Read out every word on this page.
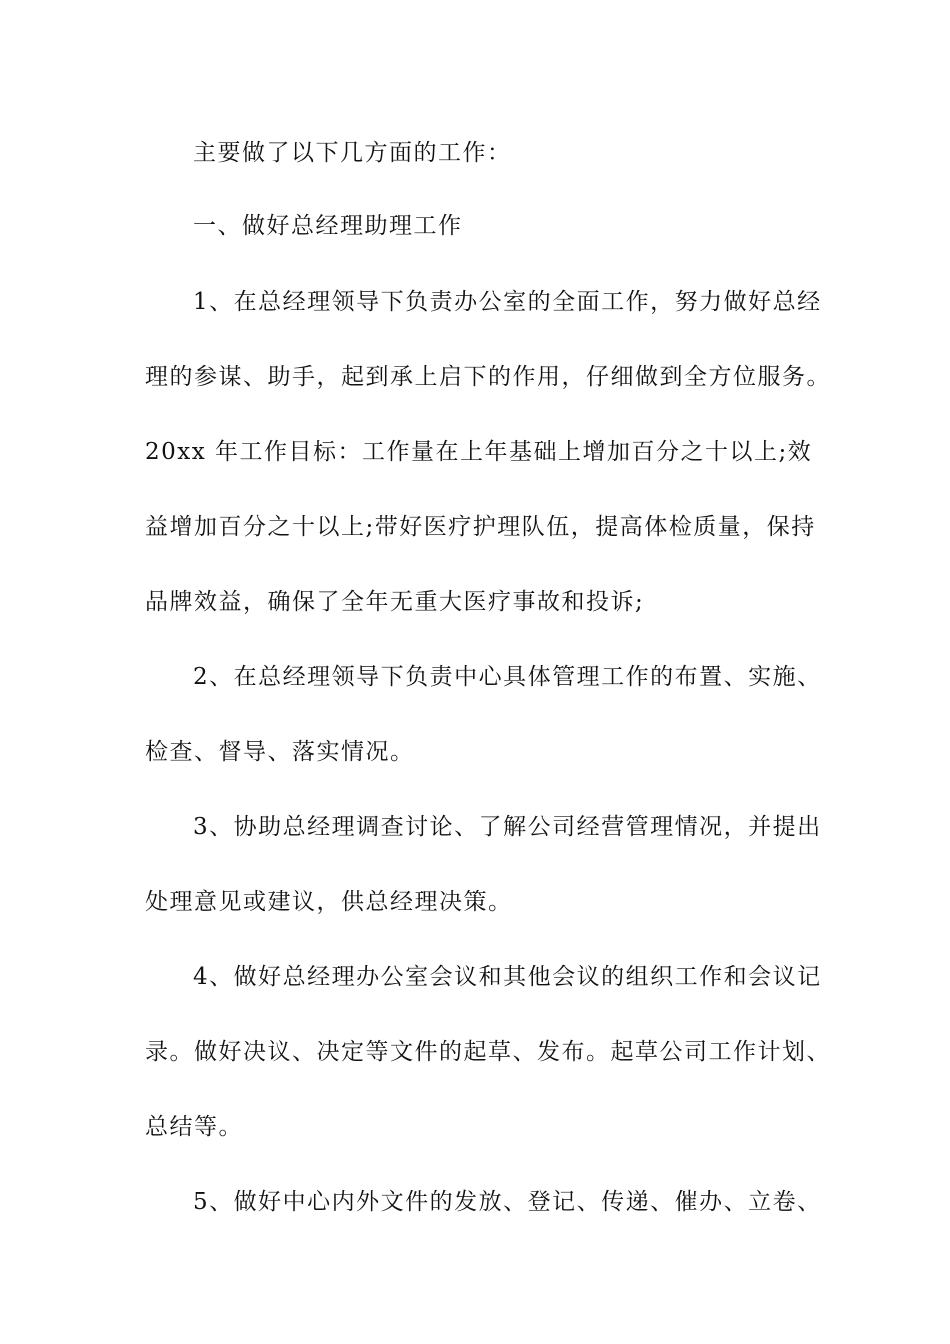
主要做了以下几方面的工作：
一、做好总经理助理工作
1、在总经理领导下负责办公室的全面工作，努力做好总经
理的参谋、助手，起到承上启下的作用，仔细做到全方位服务。
20xx 年工作目标：工作量在上年基础上增加百分之十以上;效
益增加百分之十以上;带好医疗护理队伍，提高体检质量，保持
品牌效益，确保了全年无重大医疗事故和投诉;
2、在总经理领导下负责中心具体管理工作的布置、实施、
检查、督导、落实情况。
3、协助总经理调查讨论、了解公司经营管理情况，并提出
处理意见或建议，供总经理决策。
4、做好总经理办公室会议和其他会议的组织工作和会议记
录。做好决议、决定等文件的起草、发布。起草公司工作计划、
总结等。
5、做好中心内外文件的发放、登记、传递、催办、立卷、
